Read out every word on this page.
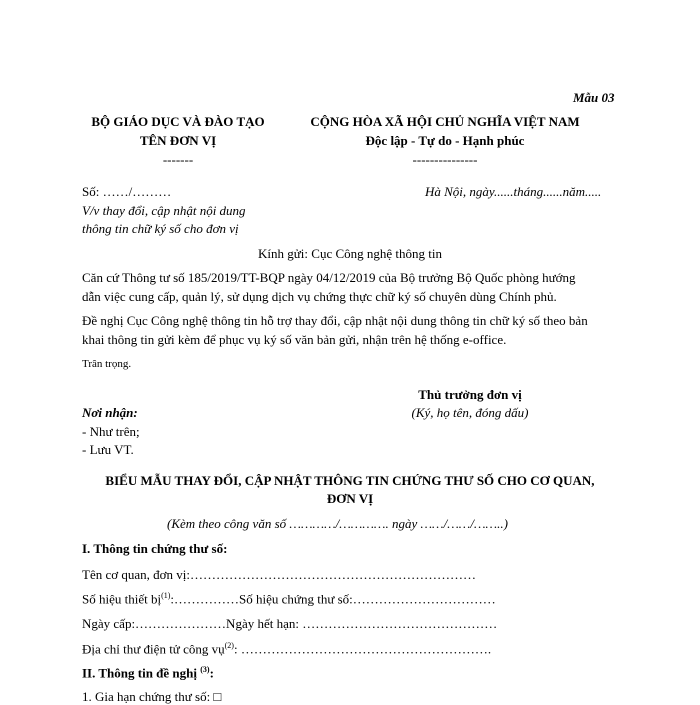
Mẫu 03
BỘ GIÁO DỤC VÀ ĐÀO TẠO
TÊN ĐƠN VỊ
-------
CỘNG HÒA XÃ HỘI CHỦ NGHĨA VIỆT NAM
Độc lập - Tự do - Hạnh phúc
---------------
Số: ……/………	Hà Nội, ngày......tháng......năm.....
V/v thay đổi, cập nhật nội dung
thông tin chữ ký số cho đơn vị
Kính gửi: Cục Công nghệ thông tin
Căn cứ Thông tư số 185/2019/TT-BQP ngày 04/12/2019 của Bộ trưởng Bộ Quốc phòng hướng
dẫn việc cung cấp, quản lý, sử dụng dịch vụ chứng thực chữ ký số chuyên dùng Chính phủ.
Đề nghị Cục Công nghệ thông tin hỗ trợ thay đổi, cập nhật nội dung thông tin chữ ký số theo bản
khai thông tin gửi kèm để phục vụ ký số văn bản gửi, nhận trên hệ thống e-office.
Trân trọng.
Thủ trưởng đơn vị
(Ký, họ tên, đóng dấu)
Nơi nhận:
- Như trên;
- Lưu VT.
BIỂU MẪU THAY ĐỔI, CẬP NHẬT THÔNG TIN CHỨNG THƯ SỐ CHO CƠ QUAN,
ĐƠN VỊ
(Kèm theo công văn số …………/…………. ngày ……/……/……..)
I. Thông tin chứng thư số:
Tên cơ quan, đơn vị:…………………………………………………………
Số hiệu thiết bị$^{(1)}$:……………Số hiệu chứng thư số:……………………………
Ngày cấp:…………………Ngày hết hạn: ………………………………………
Địa chỉ thư điện tử công vụ$^{(2)}$: ………………………………………………….
II. Thông tin đề nghị $^{(3)}$:
1. Gia hạn chứng thư số: □
